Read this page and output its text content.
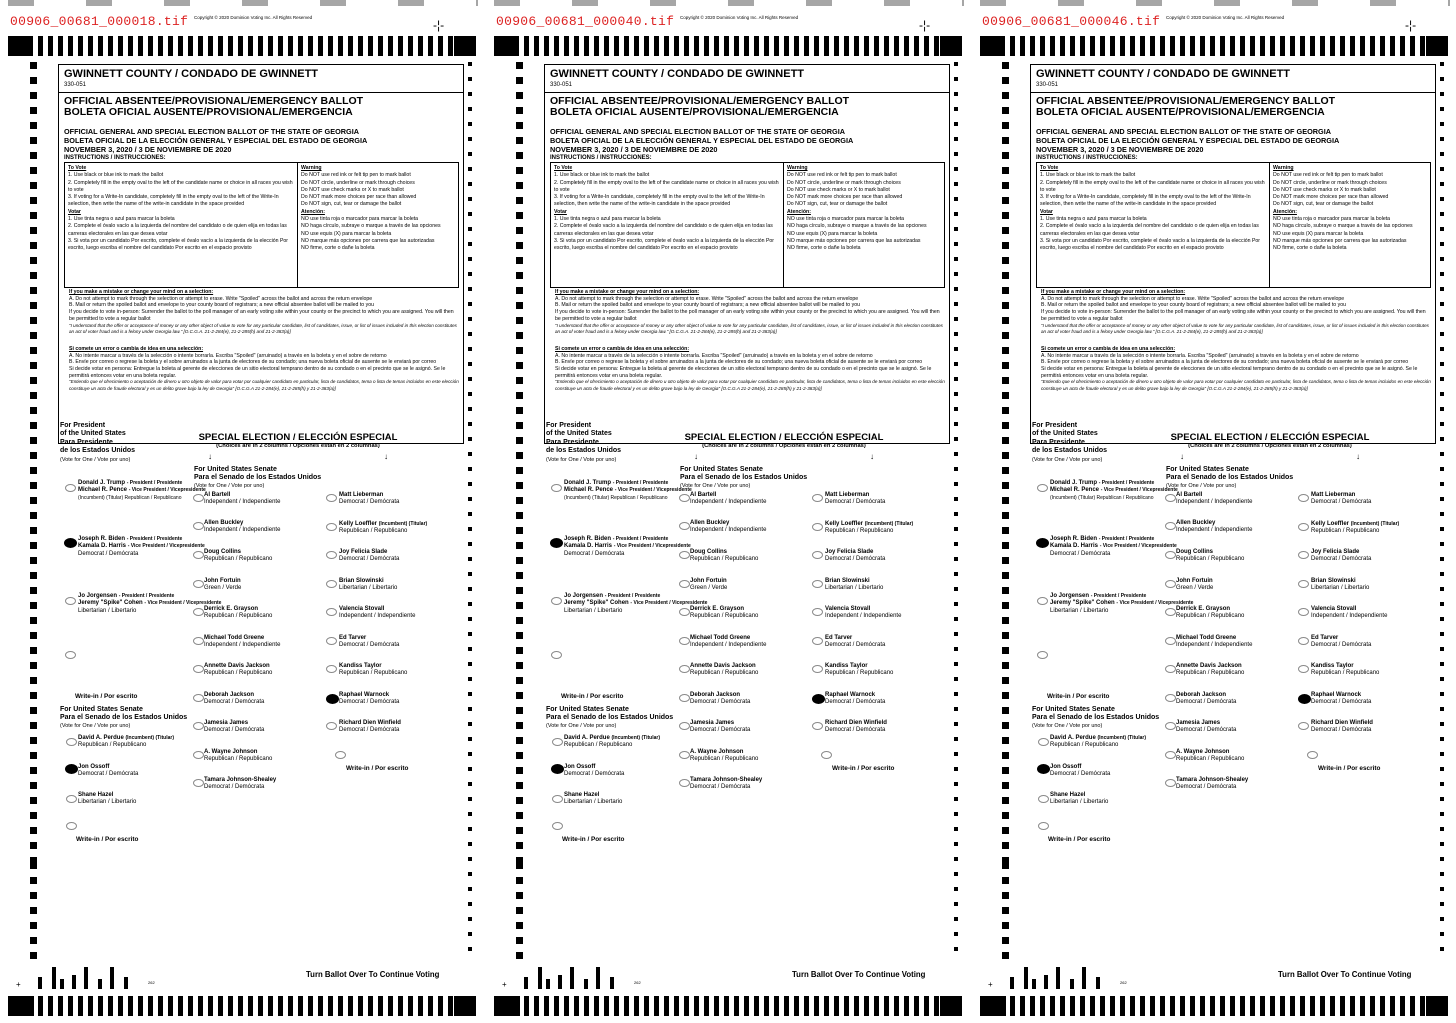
00906_00681_000018.tif Copyright © 2020 Dominion Voting Inc. All Rights Reserved
-¦-
GWINNETT COUNTY / CONDADO DE GWINNETT
330-051
OFFICIAL ABSENTEE/PROVISIONAL/EMERGENCY BALLOT
BOLETA OFICIAL AUSENTE/PROVISIONAL/EMERGENCIA
OFFICIAL GENERAL AND SPECIAL ELECTION BALLOT OF THE STATE OF GEORGIA
BOLETA OFICIAL DE LA ELECCIÓN GENERAL Y ESPECIAL DEL ESTADO DE GEORGIA
NOVEMBER 3, 2020 / 3 DE NOVIEMBRE DE 2020
INSTRUCTIONS / INSTRUCCIONES:
To Vote
1. Use black or blue ink to mark the ballot
2. Completely fill in the empty oval to the left of the candidate name or choice in all races you wish to vote
3. If voting for a Write-In candidate, completely fill in the empty oval to the left of the Write-In selection, then write the name of the write-in candidate in the space provided
Votar
1. Use tinta negra o azul para marcar la boleta
2. Complete el óvalo vacío a la izquierda del nombre del candidato o de quien elija en todas las carreras electorales en las que desea votar
3. Si vota por un candidato Por escrito, complete el óvalo vacío a la izquierda de la elección Por escrito, luego escriba el nombre del candidato Por escrito en el espacio provisto
Warning
Do NOT use red ink or felt tip pen to mark ballot
Do NOT circle, underline or mark through choices
Do NOT use check marks or X to mark ballot
Do NOT mark more choices per race than allowed
Do NOT sign, cut, tear or damage the ballot
Atención:
NO use tinta roja o marcador para marcar la boleta
NO haga círculo, subraye o marque a través de las opciones
NO use equis (X) para marcar la boleta
NO marque más opciones por carrera que las autorizadas
NO firme, corte o dañe la boleta
If you make a mistake or change your mind on a selection:
A. Do not attempt to mark through the selection or attempt to erase. Write "Spoiled" across the ballot and across the return envelope
B. Mail or return the spoiled ballot and envelope to your county board of registrars; a new official absentee ballot will be mailed to you
If you decide to vote in-person: Surrender the ballot to the poll manager of an early voting site within your county or the precinct to which you are assigned. You will then be permitted to vote a regular ballot
"I understand that the offer or acceptance of money or any other object of value to vote for any particular candidate, list of candidates, issue, or list of issues included in this election constitutes an act of voter fraud and is a felony under Georgia law." [O.C.G.A. 21-2-284(e), 21-2-285(h) and 21-2-383(a)]
Si comete un error o cambia de idea en una selección:
A. No intente marcar a través de la selección o intente borrarla. Escriba "Spoiled" (arruinado) a través en la boleta y en el sobre de retorno
B. Envíe por correo o regrese la boleta y el sobre arruinados a la junta de electores de su condado; una nueva boleta oficial de ausente se le enviará por correo
Si decide votar en persona: Entregue la boleta al gerente de elecciones de un sitio electoral temprano dentro de su condado o en el precinto que se le asignó. Se le permitirá entonces votar en una boleta regular.
"Entiendo que el ofrecimiento o aceptación de dinero u otro objeto de valor para votar por cualquier candidato en particular, lista de candidatos, tema o lista de temas incluidos en este elección constituye un acto de fraude electoral y es un delito grave bajo la ley de Georgia" [O.C.G.A 21-2-284(e), 21-2-285(h) y 21-2-383(a)]
For President
of the United States
Para Presidente
de los Estados Unidos
(Vote for One / Vote por uno)
Donald J. Trump - President / Presidente
Michael R. Pence - Vice President / Vicepresidente
(Incumbent) (Titular) Republican / Republicano
Joseph R. Biden - President / Presidente
Kamala D. Harris - Vice President / Vicepresidente
Democrat / Demócrata
Jo Jorgensen - President / Presidente
Jeremy "Spike" Cohen - Vice President / Vicepresidente
Libertarian / Libertario
Write-in / Por escrito
SPECIAL ELECTION / ELECCIÓN ESPECIAL
(Choices are in 2 columns / Opciones están en 2 columnas)
↓	↓
For United States Senate
Para el Senado de los Estados Unidos
(Vote for One / Vote por uno)
Al Bartell
Independent / Independiente
Allen Buckley
Independent / Independiente
Doug Collins
Republican / Republicano
John Fortuin
Green / Verde
Derrick E. Grayson
Republican / Republicano
Michael Todd Greene
Independent / Independiente
Annette Davis Jackson
Republican / Republicano
Deborah Jackson
Democrat / Demócrata
Jamesia James
Democrat / Demócrata
A. Wayne Johnson
Republican / Republicano
Tamara Johnson-Shealey
Democrat / Demócrata
Matt Lieberman
Democrat / Demócrata
Kelly Loeffler (Incumbent) (Titular)
Republican / Republicano
Joy Felicia Slade
Democrat / Demócrata
Brian Slowinski
Libertarian / Libertario
Valencia Stovall
Independent / Independiente
Ed Tarver
Democrat / Demócrata
Kandiss Taylor
Republican / Republicano
Raphael Warnock
Democrat / Demócrata
Richard Dien Winfield
Democrat / Demócrata
Write-in / Por escrito
For United States Senate
Para el Senado de los Estados Unidos
(Vote for One / Vote por uno)
David A. Perdue (Incumbent) (Titular)
Republican / Republicano
Jon Ossoff
Democrat / Demócrata
Shane Hazel
Libertarian / Libertario
Write-in / Por escrito
+	262
Turn Ballot Over To Continue Voting
00906_00681_000040.tif Copyright © 2020 Dominion Voting Inc. All Rights Reserved
-¦-
GWINNETT COUNTY / CONDADO DE GWINNETT
330-051
OFFICIAL ABSENTEE/PROVISIONAL/EMERGENCY BALLOT
BOLETA OFICIAL AUSENTE/PROVISIONAL/EMERGENCIA
OFFICIAL GENERAL AND SPECIAL ELECTION BALLOT OF THE STATE OF GEORGIA
BOLETA OFICIAL DE LA ELECCIÓN GENERAL Y ESPECIAL DEL ESTADO DE GEORGIA
NOVEMBER 3, 2020 / 3 DE NOVIEMBRE DE 2020
INSTRUCTIONS / INSTRUCCIONES:
To Vote
1. Use black or blue ink to mark the ballot
2. Completely fill in the empty oval to the left of the candidate name or choice in all races you wish to vote
3. If voting for a Write-In candidate, completely fill in the empty oval to the left of the Write-In selection, then write the name of the write-in candidate in the space provided
Votar
1. Use tinta negra o azul para marcar la boleta
2. Complete el óvalo vacío a la izquierda del nombre del candidato o de quien elija en todas las carreras electorales en las que desea votar
3. Si vota por un candidato Por escrito, complete el óvalo vacío a la izquierda de la elección Por escrito, luego escriba el nombre del candidato Por escrito en el espacio provisto
Warning
Do NOT use red ink or felt tip pen to mark ballot
Do NOT circle, underline or mark through choices
Do NOT use check marks or X to mark ballot
Do NOT mark more choices per race than allowed
Do NOT sign, cut, tear or damage the ballot
Atención:
NO use tinta roja o marcador para marcar la boleta
NO haga círculo, subraye o marque a través de las opciones
NO use equis (X) para marcar la boleta
NO marque más opciones por carrera que las autorizadas
NO firme, corte o dañe la boleta
If you make a mistake or change your mind on a selection:
A. Do not attempt to mark through the selection or attempt to erase. Write "Spoiled" across the ballot and across the return envelope
B. Mail or return the spoiled ballot and envelope to your county board of registrars; a new official absentee ballot will be mailed to you
If you decide to vote in-person: Surrender the ballot to the poll manager of an early voting site within your county or the precinct to which you are assigned. You will then be permitted to vote a regular ballot
"I understand that the offer or acceptance of money or any other object of value to vote for any particular candidate, list of candidates, issue, or list of issues included in this election constitutes an act of voter fraud and is a felony under Georgia law." [O.C.G.A. 21-2-284(e), 21-2-285(h) and 21-2-383(a)]
Si comete un error o cambia de idea en una selección:
A. No intente marcar a través de la selección o intente borrarla. Escriba "Spoiled" (arruinado) a través en la boleta y en el sobre de retorno
B. Envíe por correo o regrese la boleta y el sobre arruinados a la junta de electores de su condado; una nueva boleta oficial de ausente se le enviará por correo
Si decide votar en persona: Entregue la boleta al gerente de elecciones de un sitio electoral temprano dentro de su condado o en el precinto que se le asignó. Se le permitirá entonces votar en una boleta regular.
"Entiendo que el ofrecimiento o aceptación de dinero u otro objeto de valor para votar por cualquier candidato en particular, lista de candidatos, tema o lista de temas incluidos en este elección constituye un acto de fraude electoral y es un delito grave bajo la ley de Georgia" [O.C.G.A 21-2-284(e), 21-2-285(h) y 21-2-383(a)]
For President
of the United States
Para Presidente
de los Estados Unidos
(Vote for One / Vote por uno)
Donald J. Trump - President / Presidente
Michael R. Pence - Vice President / Vicepresidente
(Incumbent) (Titular) Republican / Republicano
Joseph R. Biden - President / Presidente
Kamala D. Harris - Vice President / Vicepresidente
Democrat / Demócrata
Jo Jorgensen - President / Presidente
Jeremy "Spike" Cohen - Vice President / Vicepresidente
Libertarian / Libertario
Write-in / Por escrito
SPECIAL ELECTION / ELECCIÓN ESPECIAL
(Choices are in 2 columns / Opciones están en 2 columnas)
↓	↓
For United States Senate
Para el Senado de los Estados Unidos
(Vote for One / Vote por uno)
Al Bartell
Independent / Independiente
Allen Buckley
Independent / Independiente
Doug Collins
Republican / Republicano
John Fortuin
Green / Verde
Derrick E. Grayson
Republican / Republicano
Michael Todd Greene
Independent / Independiente
Annette Davis Jackson
Republican / Republicano
Deborah Jackson
Democrat / Demócrata
Jamesia James
Democrat / Demócrata
A. Wayne Johnson
Republican / Republicano
Tamara Johnson-Shealey
Democrat / Demócrata
Matt Lieberman
Democrat / Demócrata
Kelly Loeffler (Incumbent) (Titular)
Republican / Republicano
Joy Felicia Slade
Democrat / Demócrata
Brian Slowinski
Libertarian / Libertario
Valencia Stovall
Independent / Independiente
Ed Tarver
Democrat / Demócrata
Kandiss Taylor
Republican / Republicano
Raphael Warnock
Democrat / Demócrata
Richard Dien Winfield
Democrat / Demócrata
Write-in / Por escrito
For United States Senate
Para el Senado de los Estados Unidos
(Vote for One / Vote por uno)
David A. Perdue (Incumbent) (Titular)
Republican / Republicano
Jon Ossoff
Democrat / Demócrata
Shane Hazel
Libertarian / Libertario
Write-in / Por escrito
+	262
Turn Ballot Over To Continue Voting
00906_00681_000046.tif Copyright © 2020 Dominion Voting Inc. All Rights Reserved
-¦-
GWINNETT COUNTY / CONDADO DE GWINNETT
330-051
OFFICIAL ABSENTEE/PROVISIONAL/EMERGENCY BALLOT
BOLETA OFICIAL AUSENTE/PROVISIONAL/EMERGENCIA
OFFICIAL GENERAL AND SPECIAL ELECTION BALLOT OF THE STATE OF GEORGIA
BOLETA OFICIAL DE LA ELECCIÓN GENERAL Y ESPECIAL DEL ESTADO DE GEORGIA
NOVEMBER 3, 2020 / 3 DE NOVIEMBRE DE 2020
INSTRUCTIONS / INSTRUCCIONES:
To Vote
1. Use black or blue ink to mark the ballot
2. Completely fill in the empty oval to the left of the candidate name or choice in all races you wish to vote
3. If voting for a Write-In candidate, completely fill in the empty oval to the left of the Write-In selection, then write the name of the write-in candidate in the space provided
Votar
1. Use tinta negra o azul para marcar la boleta
2. Complete el óvalo vacío a la izquierda del nombre del candidato o de quien elija en todas las carreras electorales en las que desea votar
3. Si vota por un candidato Por escrito, complete el óvalo vacío a la izquierda de la elección Por escrito, luego escriba el nombre del candidato Por escrito en el espacio provisto
Warning
Do NOT use red ink or felt tip pen to mark ballot
Do NOT circle, underline or mark through choices
Do NOT use check marks or X to mark ballot
Do NOT mark more choices per race than allowed
Do NOT sign, cut, tear or damage the ballot
Atención:
NO use tinta roja o marcador para marcar la boleta
NO haga círculo, subraye o marque a través de las opciones
NO use equis (X) para marcar la boleta
NO marque más opciones por carrera que las autorizadas
NO firme, corte o dañe la boleta
If you make a mistake or change your mind on a selection:
A. Do not attempt to mark through the selection or attempt to erase. Write "Spoiled" across the ballot and across the return envelope
B. Mail or return the spoiled ballot and envelope to your county board of registrars; a new official absentee ballot will be mailed to you
If you decide to vote in-person: Surrender the ballot to the poll manager of an early voting site within your county or the precinct to which you are assigned. You will then be permitted to vote a regular ballot
"I understand that the offer or acceptance of money or any other object of value to vote for any particular candidate, list of candidates, issue, or list of issues included in this election constitutes an act of voter fraud and is a felony under Georgia law." [O.C.G.A. 21-2-284(e), 21-2-285(h) and 21-2-383(a)]
Si comete un error o cambia de idea en una selección:
A. No intente marcar a través de la selección o intente borrarla. Escriba "Spoiled" (arruinado) a través en la boleta y en el sobre de retorno
B. Envíe por correo o regrese la boleta y el sobre arruinados a la junta de electores de su condado; una nueva boleta oficial de ausente se le enviará por correo
Si decide votar en persona: Entregue la boleta al gerente de elecciones de un sitio electoral temprano dentro de su condado o en el precinto que se le asignó. Se le permitirá entonces votar en una boleta regular.
"Entiendo que el ofrecimiento o aceptación de dinero u otro objeto de valor para votar por cualquier candidato en particular, lista de candidatos, tema o lista de temas incluidos en este elección constituye un acto de fraude electoral y es un delito grave bajo la ley de Georgia" [O.C.G.A 21-2-284(e), 21-2-285(h) y 21-2-383(a)]
For President
of the United States
Para Presidente
de los Estados Unidos
(Vote for One / Vote por uno)
Donald J. Trump - President / Presidente
Michael R. Pence - Vice President / Vicepresidente
(Incumbent) (Titular) Republican / Republicano
Joseph R. Biden - President / Presidente
Kamala D. Harris - Vice President / Vicepresidente
Democrat / Demócrata
Jo Jorgensen - President / Presidente
Jeremy "Spike" Cohen - Vice President / Vicepresidente
Libertarian / Libertario
Write-in / Por escrito
SPECIAL ELECTION / ELECCIÓN ESPECIAL
(Choices are in 2 columns / Opciones están en 2 columnas)
↓	↓
For United States Senate
Para el Senado de los Estados Unidos
(Vote for One / Vote por uno)
Al Bartell
Independent / Independiente
Allen Buckley
Independent / Independiente
Doug Collins
Republican / Republicano
John Fortuin
Green / Verde
Derrick E. Grayson
Republican / Republicano
Michael Todd Greene
Independent / Independiente
Annette Davis Jackson
Republican / Republicano
Deborah Jackson
Democrat / Demócrata
Jamesia James
Democrat / Demócrata
A. Wayne Johnson
Republican / Republicano
Tamara Johnson-Shealey
Democrat / Demócrata
Matt Lieberman
Democrat / Demócrata
Kelly Loeffler (Incumbent) (Titular)
Republican / Republicano
Joy Felicia Slade
Democrat / Demócrata
Brian Slowinski
Libertarian / Libertario
Valencia Stovall
Independent / Independiente
Ed Tarver
Democrat / Demócrata
Kandiss Taylor
Republican / Republicano
Raphael Warnock
Democrat / Demócrata
Richard Dien Winfield
Democrat / Demócrata
Write-in / Por escrito
For United States Senate
Para el Senado de los Estados Unidos
(Vote for One / Vote por uno)
David A. Perdue (Incumbent) (Titular)
Republican / Republicano
Jon Ossoff
Democrat / Demócrata
Shane Hazel
Libertarian / Libertario
Write-in / Por escrito
+	262
Turn Ballot Over To Continue Voting
